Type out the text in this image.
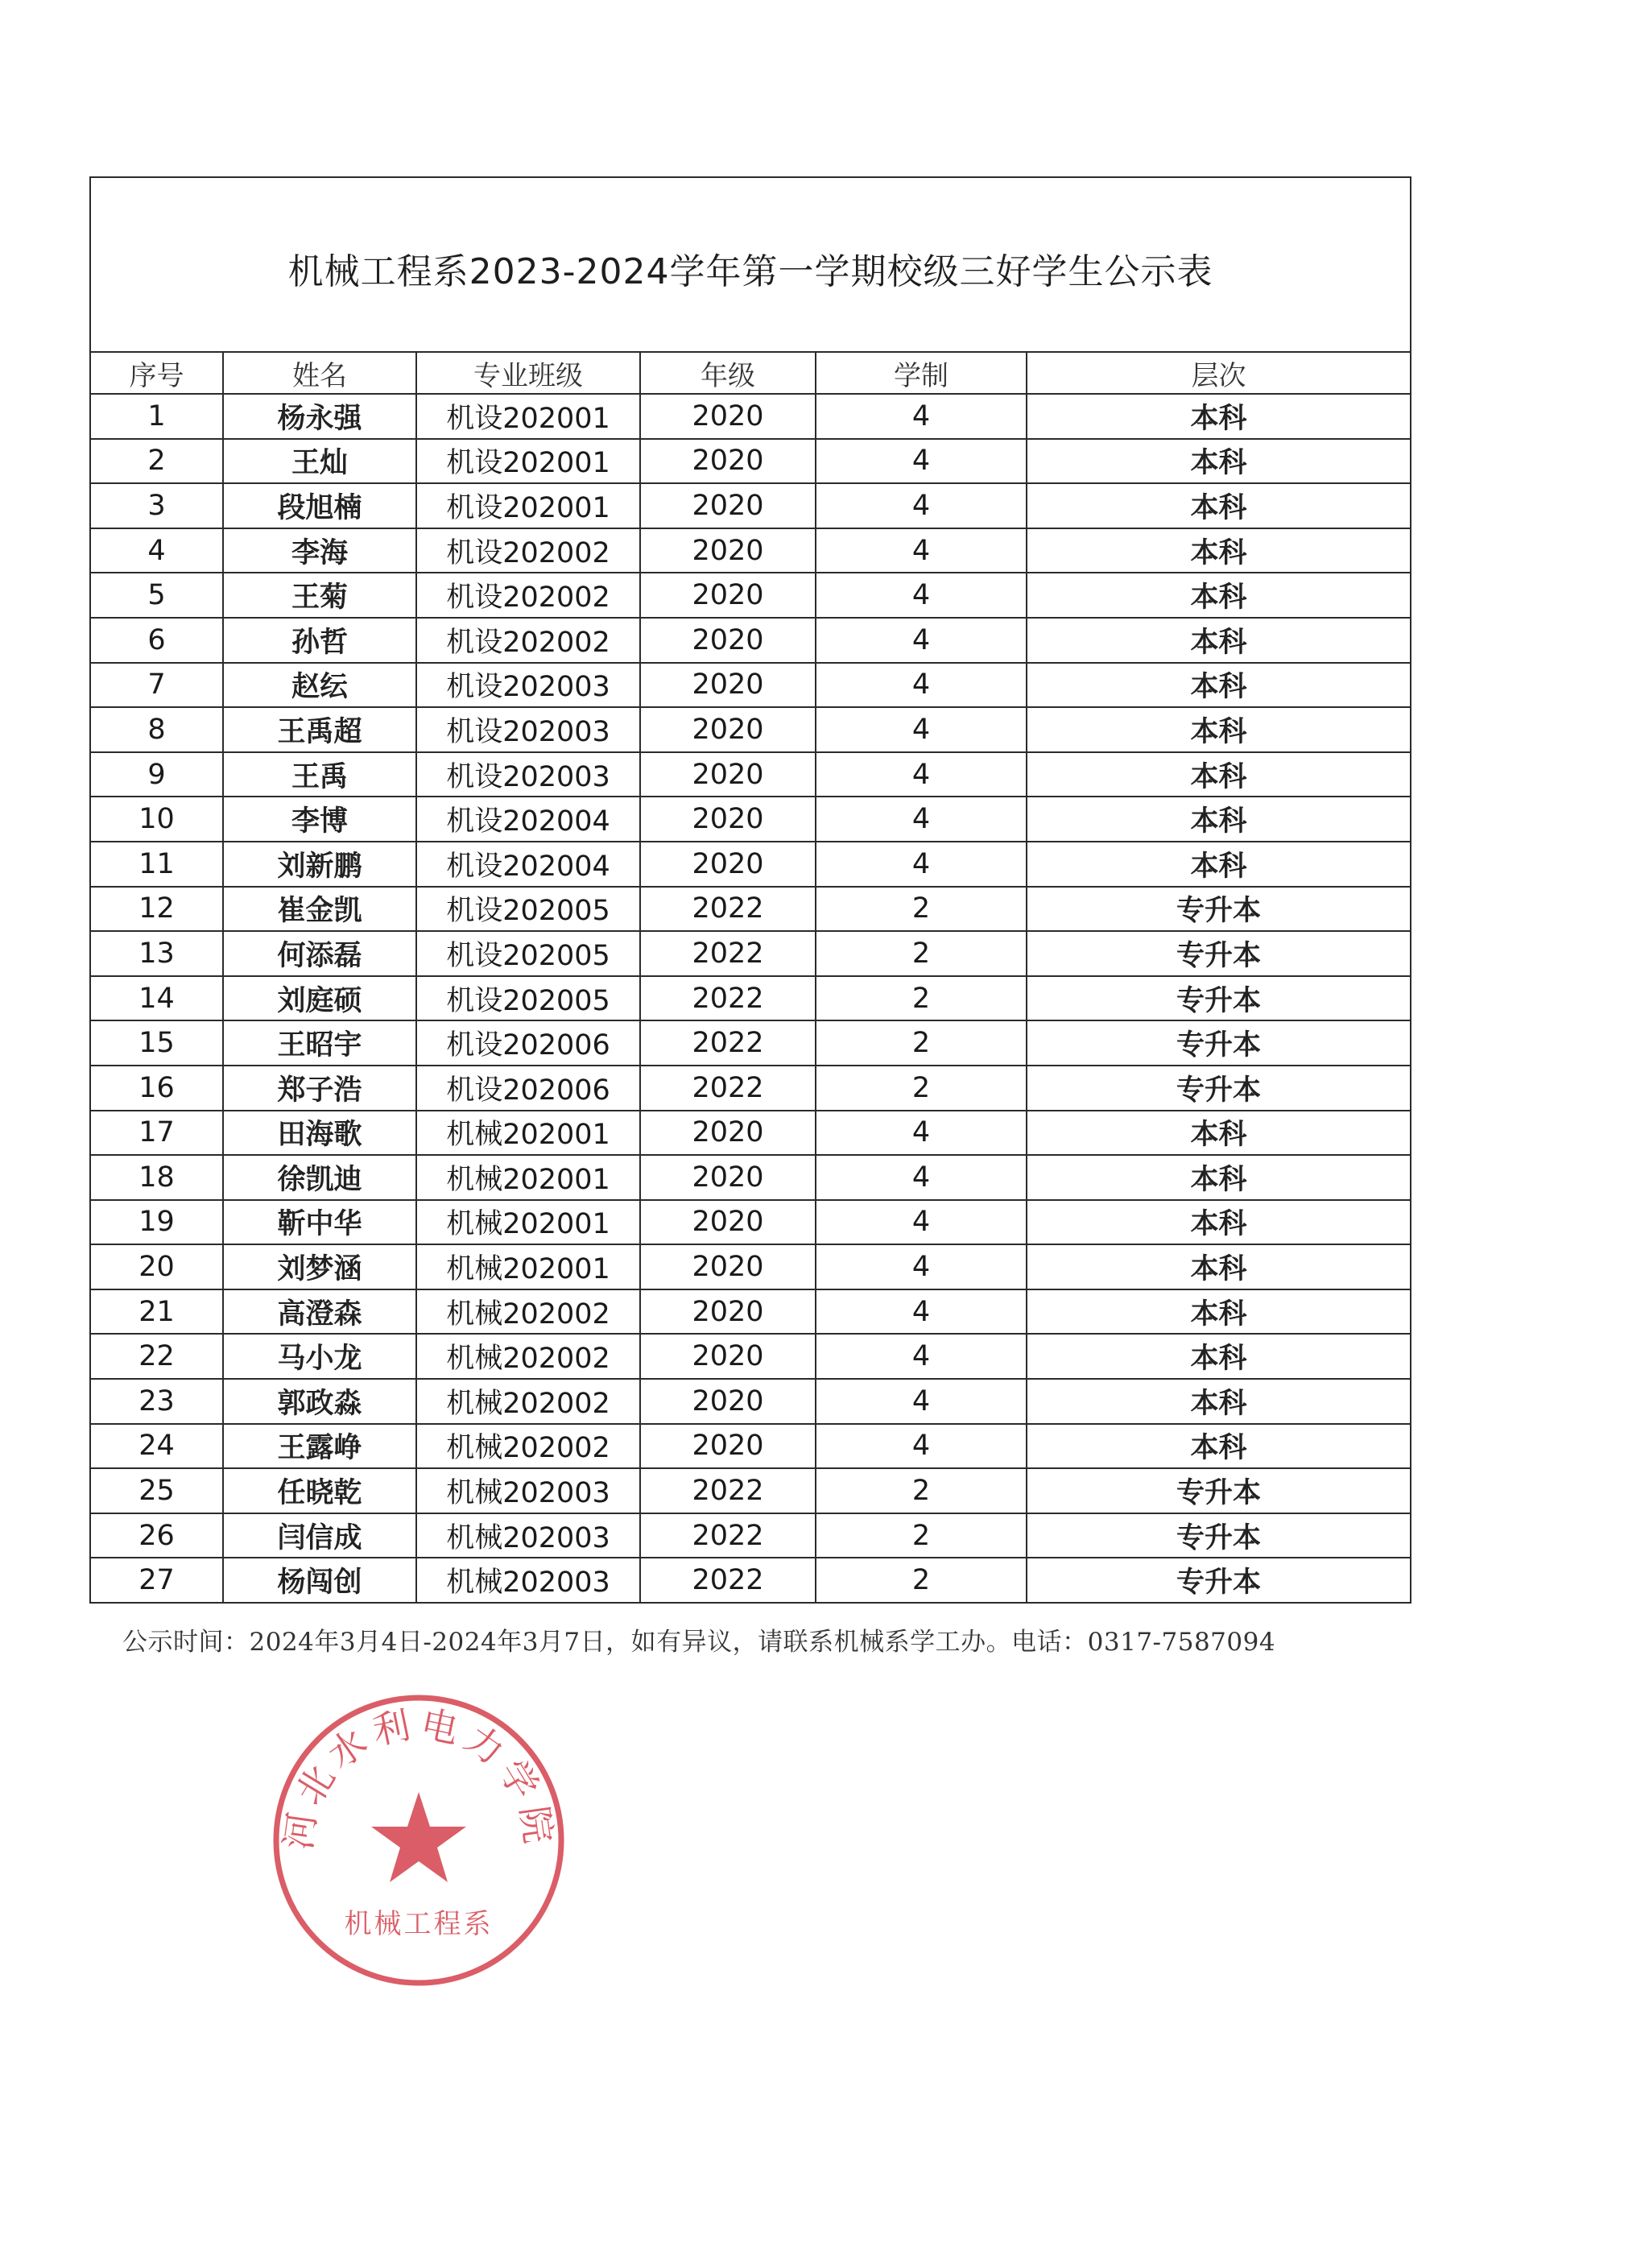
机械工程系2023-2024学年第一学期校级三好学生公示表					
序号	姓名	专业班级	年级	学制	层次
1	杨永强	机设202001	2020	4	本科
2	王灿	机设202001	2020	4	本科
3	段旭楠	机设202001	2020	4	本科
4	李海	机设202002	2020	4	本科
5	王菊	机设202002	2020	4	本科
6	孙哲	机设202002	2020	4	本科
7	赵纭	机设202003	2020	4	本科
8	王禹超	机设202003	2020	4	本科
9	王禹	机设202003	2020	4	本科
10	李博	机设202004	2020	4	本科
11	刘新鹏	机设202004	2020	4	本科
12	崔金凯	机设202005	2022	2	专升本
13	何添磊	机设202005	2022	2	专升本
14	刘庭硕	机设202005	2022	2	专升本
15	王昭宇	机设202006	2022	2	专升本
16	郑子浩	机设202006	2022	2	专升本
17	田海歌	机械202001	2020	4	本科
18	徐凯迪	机械202001	2020	4	本科
19	靳中华	机械202001	2020	4	本科
20	刘梦涵	机械202001	2020	4	本科
21	高澄森	机械202002	2020	4	本科
22	马小龙	机械202002	2020	4	本科
23	郭政淼	机械202002	2020	4	本科
24	王露峥	机械202002	2020	4	本科
25	任晓乾	机械202003	2022	2	专升本
26	闫信成	机械202003	2022	2	专升本
27	杨闯创	机械202003	2022	2	专升本
公示时间：2024年3月4日-2024年3月7日，如有异议，请联系机械系学工办。电话：0317-7587094
河北水利电力学院
机械工程系
